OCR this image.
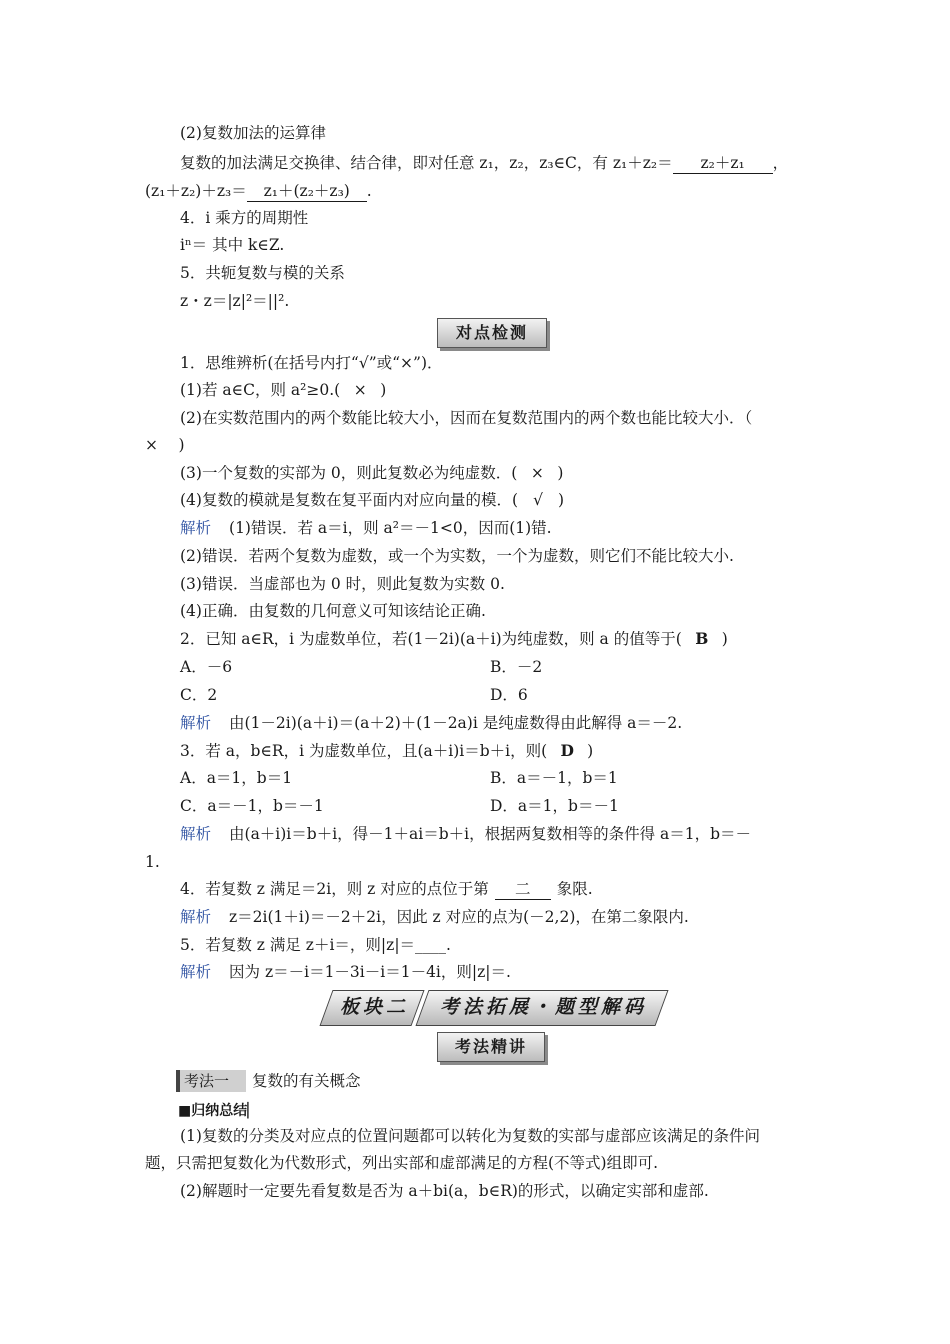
(2)复数加法的运算律
复数的加法满足交换律、结合律，即对任意 z₁，z₂，z₃∈C，有 z₁＋z₂＝ z₂＋z₁ ，
(z₁＋z₂)＋z₃＝ z₁＋(z₂＋z₃) .
4．i 乘方的周期性
iⁿ＝ 其中 k∈Z.
5．共轭复数与模的关系
z・z＝|z|²＝||².
对点检测
1．思维辨析(在括号内打“√”或“×”)．
(1)若 a∈C，则 a²≥0.( × )
(2)在实数范围内的两个数能比较大小，因而在复数范围内的两个数也能比较大小．（
×　)
(3)一个复数的实部为 0，则此复数必为纯虚数．( × )
(4)复数的模就是复数在复平面内对应向量的模．( √ )
解析 (1)错误．若 a＝i，则 a²＝－1<0，因而(1)错.
(2)错误．若两个复数为虚数，或一个为实数，一个为虚数，则它们不能比较大小.
(3)错误．当虚部也为 0 时，则此复数为实数 0.
(4)正确．由复数的几何意义可知该结论正确.
2．已知 a∈R，i 为虚数单位，若(1－2i)(a＋i)为纯虚数，则 a 的值等于( B )
A．－6	B．－2
C．2	D．6
解析 由(1－2i)(a＋i)＝(a＋2)＋(1－2a)i 是纯虚数得由此解得 a＝－2.
3．若 a，b∈R，i 为虚数单位，且(a＋i)i＝b＋i，则( D )
A．a＝1，b＝1	B．a＝－1，b＝1
C．a＝－1，b＝－1	D．a＝1，b＝－1
解析 由(a＋i)i＝b＋i，得－1＋ai＝b＋i，根据两复数相等的条件得 a＝1，b＝－
1.
4．若复数 z 满足＝2i，则 z 对应的点位于第 二 象限.
解析 z＝2i(1＋i)＝－2＋2i，因此 z 对应的点为(－2,2)，在第二象限内.
5．若复数 z 满足 z＋i＝，则|z|＝____.
解析 因为 z＝－i＝1－3i－i＝1－4i，则|z|＝.
板块二 考法拓展・题型解码
考法精讲
考法一	复数的有关概念
■归纳总结▏
(1)复数的分类及对应点的位置问题都可以转化为复数的实部与虚部应该满足的条件问
题，只需把复数化为代数形式，列出实部和虚部满足的方程(不等式)组即可.
(2)解题时一定要先看复数是否为 a＋bi(a，b∈R)的形式，以确定实部和虚部.
